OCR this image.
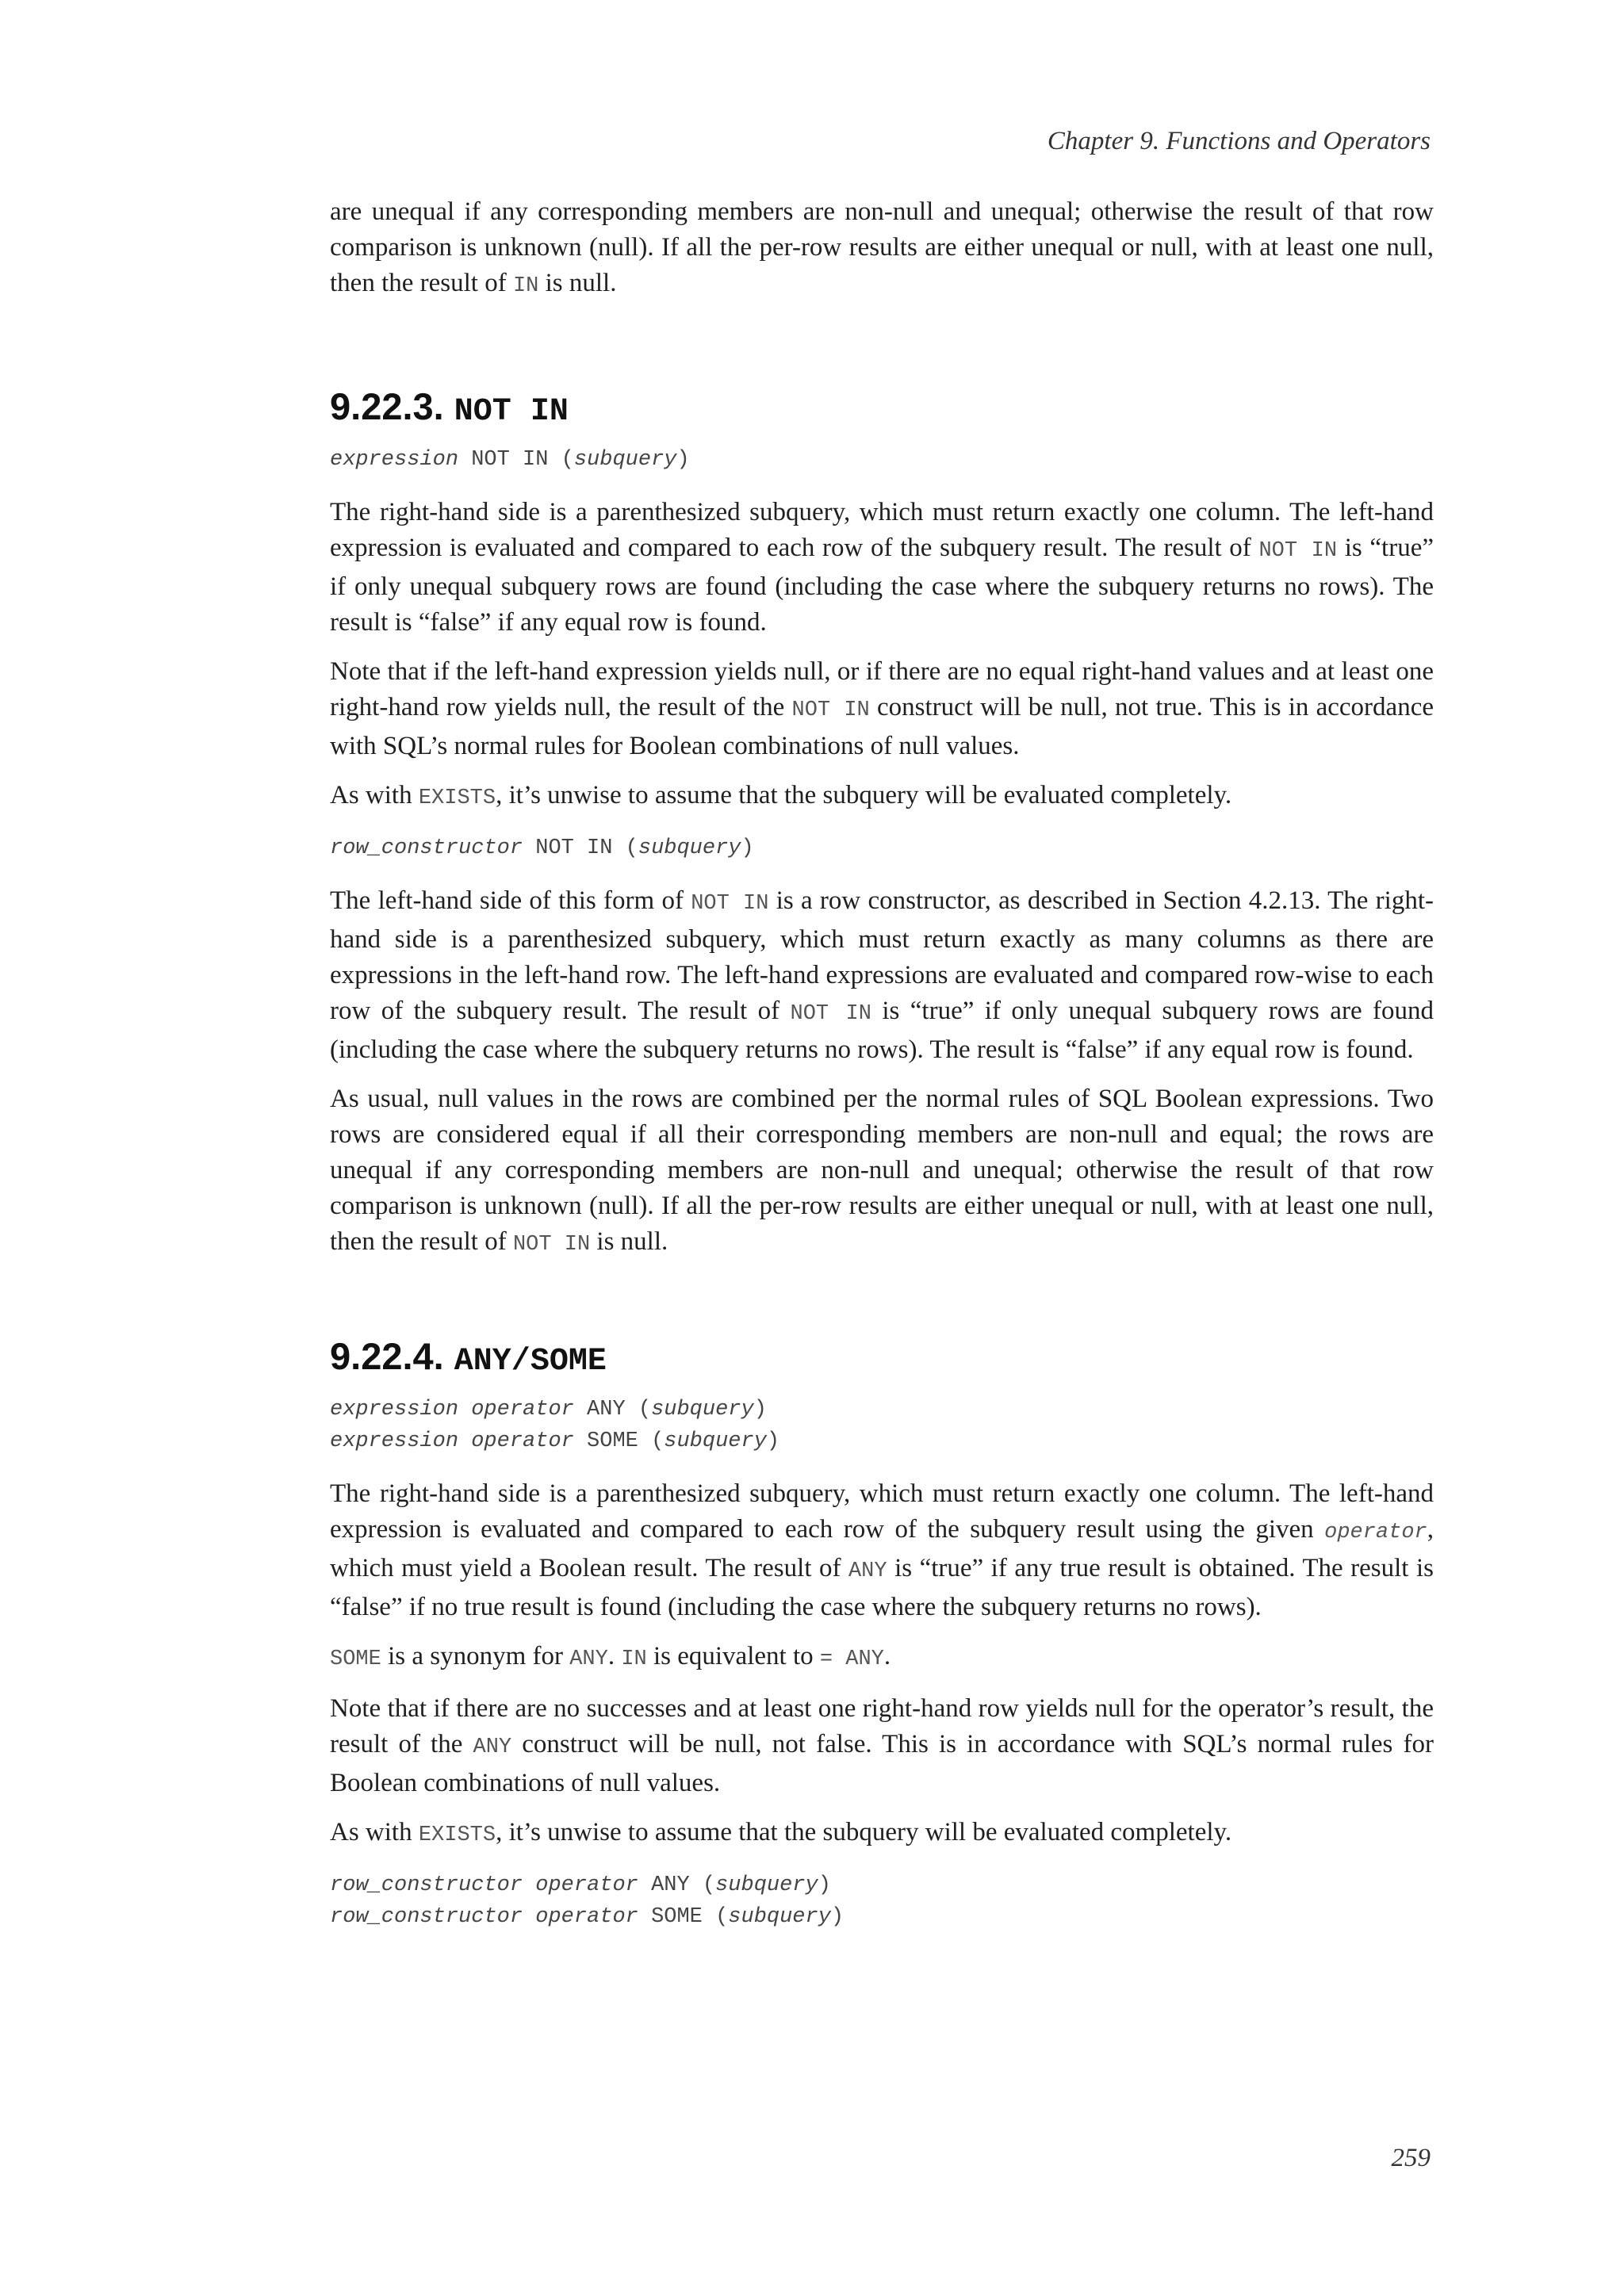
Chapter 9. Functions and Operators

are unequal if any corresponding members are non-null and unequal; otherwise the result of that row comparison is unknown (null). If all the per-row results are either unequal or null, with at least one null, then the result of IN is null.

9.22.3. NOT IN
expression NOT IN (subquery)

The right-hand side is a parenthesized subquery, which must return exactly one column. The left-hand expression is evaluated and compared to each row of the subquery result. The result of NOT IN is “true” if only unequal subquery rows are found (including the case where the subquery returns no rows). The result is “false” if any equal row is found.

Note that if the left-hand expression yields null, or if there are no equal right-hand values and at least one right-hand row yields null, the result of the NOT IN construct will be null, not true. This is in accordance with SQL’s normal rules for Boolean combinations of null values.

As with EXISTS, it’s unwise to assume that the subquery will be evaluated completely.

row_constructor NOT IN (subquery)

The left-hand side of this form of NOT IN is a row constructor, as described in Section 4.2.13. The right-hand side is a parenthesized subquery, which must return exactly as many columns as there are expressions in the left-hand row. The left-hand expressions are evaluated and compared row-wise to each row of the subquery result. The result of NOT IN is “true” if only unequal subquery rows are found (including the case where the subquery returns no rows). The result is “false” if any equal row is found.

As usual, null values in the rows are combined per the normal rules of SQL Boolean expressions. Two rows are considered equal if all their corresponding members are non-null and equal; the rows are unequal if any corresponding members are non-null and unequal; otherwise the result of that row comparison is unknown (null). If all the per-row results are either unequal or null, with at least one null, then the result of NOT IN is null.

9.22.4. ANY/SOME
expression operator ANY (subquery)
expression operator SOME (subquery)

The right-hand side is a parenthesized subquery, which must return exactly one column. The left-hand expression is evaluated and compared to each row of the subquery result using the given operator, which must yield a Boolean result. The result of ANY is “true” if any true result is obtained. The result is “false” if no true result is found (including the case where the subquery returns no rows).

SOME is a synonym for ANY. IN is equivalent to = ANY.

Note that if there are no successes and at least one right-hand row yields null for the operator’s result, the result of the ANY construct will be null, not false. This is in accordance with SQL’s normal rules for Boolean combinations of null values.

As with EXISTS, it’s unwise to assume that the subquery will be evaluated completely.

row_constructor operator ANY (subquery)
row_constructor operator SOME (subquery)
259
